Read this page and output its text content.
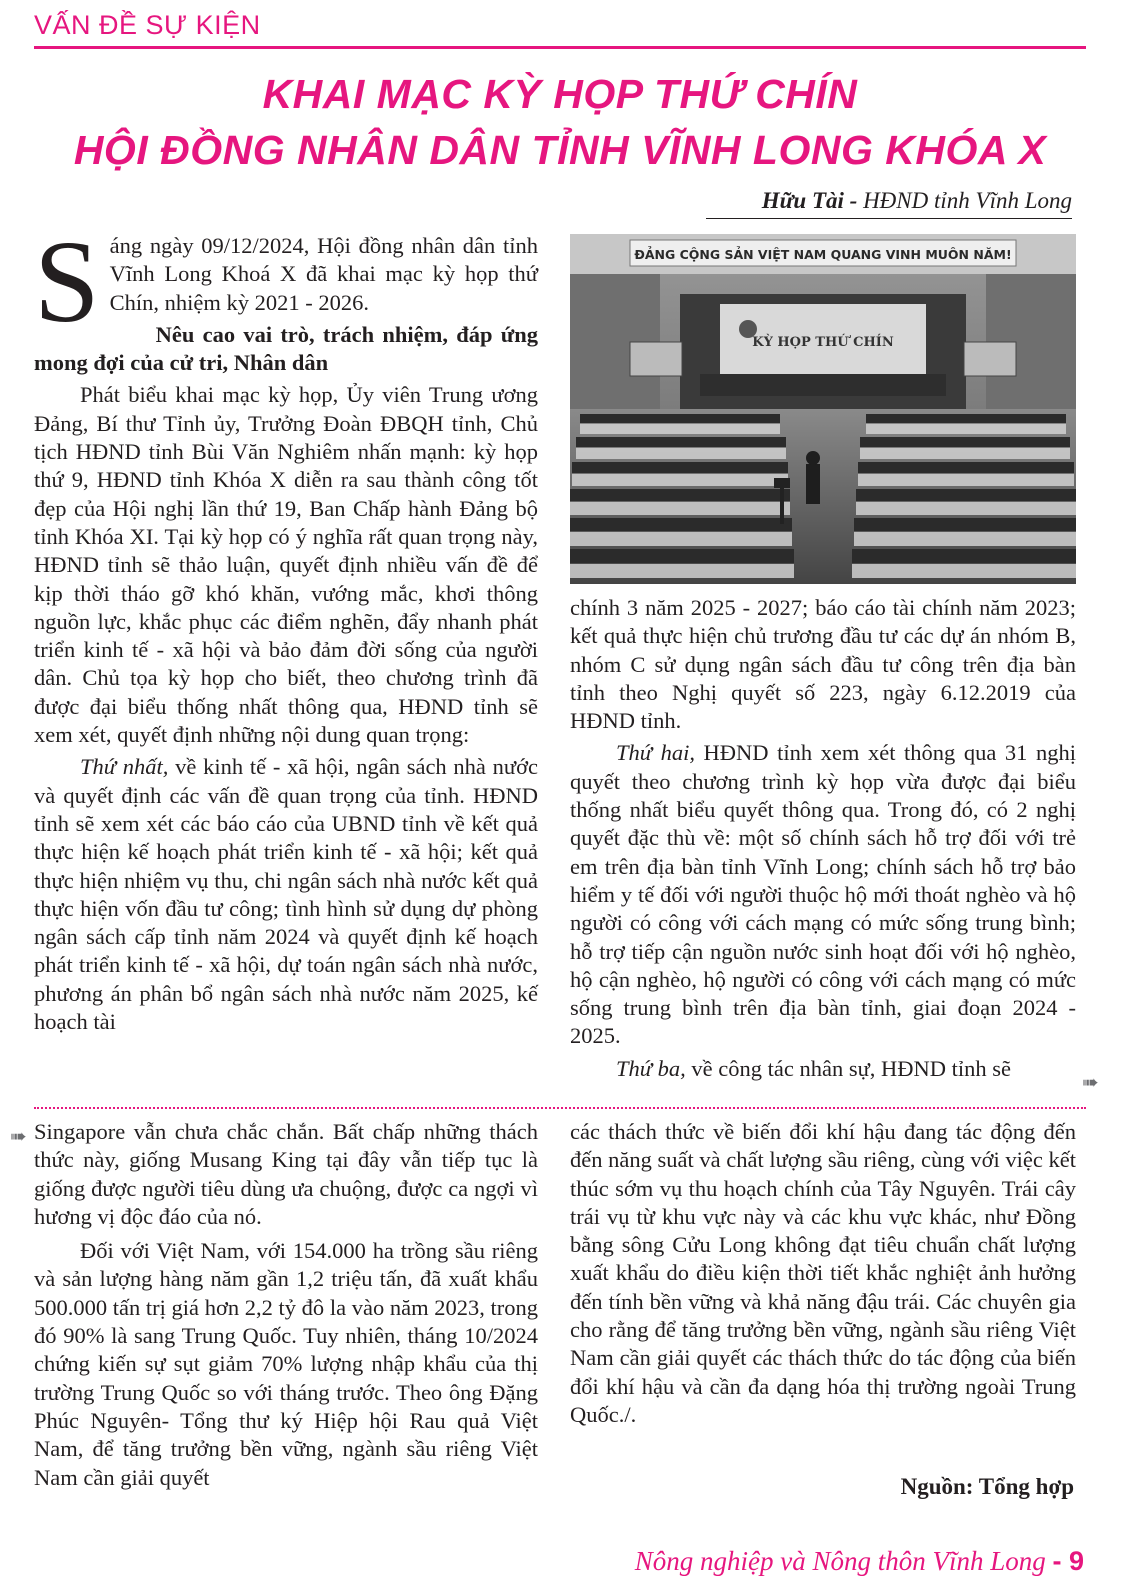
VẤN ĐỀ SỰ KIỆN
KHAI MẠC KỲ HỌP THỨ CHÍN
HỘI ĐỒNG NHÂN DÂN TỈNH VĨNH LONG KHÓA X
Hữu Tài - HĐND tỉnh Vĩnh Long

Sáng ngày 09/12/2024, Hội đồng nhân dân tỉnh Vĩnh Long Khoá X đã khai mạc kỳ họp thứ Chín, nhiệm kỳ 2021 - 2026.

Nêu cao vai trò, trách nhiệm, đáp ứng mong đợi của cử tri, Nhân dân

Phát biểu khai mạc kỳ họp, Ủy viên Trung ương Đảng, Bí thư Tỉnh ủy, Trưởng Đoàn ĐBQH tỉnh, Chủ tịch HĐND tỉnh Bùi Văn Nghiêm nhấn mạnh: kỳ họp thứ 9, HĐND tỉnh Khóa X diễn ra sau thành công tốt đẹp của Hội nghị lần thứ 19, Ban Chấp hành Đảng bộ tỉnh Khóa XI. Tại kỳ họp có ý nghĩa rất quan trọng này, HĐND tỉnh sẽ thảo luận, quyết định nhiều vấn đề để kịp thời tháo gỡ khó khăn, vướng mắc, khơi thông nguồn lực, khắc phục các điểm nghẽn, đẩy nhanh phát triển kinh tế - xã hội và bảo đảm đời sống của người dân. Chủ tọa kỳ họp cho biết, theo chương trình đã được đại biểu thống nhất thông qua, HĐND tỉnh sẽ xem xét, quyết định những nội dung quan trọng:

Thứ nhất, về kinh tế - xã hội, ngân sách nhà nước và quyết định các vấn đề quan trọng của tỉnh. HĐND tỉnh sẽ xem xét các báo cáo của UBND tỉnh về kết quả thực hiện kế hoạch phát triển kinh tế - xã hội; kết quả thực hiện nhiệm vụ thu, chi ngân sách nhà nước kết quả thực hiện vốn đầu tư công; tình hình sử dụng dự phòng ngân sách cấp tỉnh năm 2024 và quyết định kế hoạch phát triển kinh tế - xã hội, dự toán ngân sách nhà nước, phương án phân bổ ngân sách nhà nước năm 2025, kế hoạch tài

ĐẢNG CỘNG SẢN VIỆT NAM QUANG VINH MUÔN NĂM!
KỲ HỌP THỨ CHÍN

chính 3 năm 2025 - 2027; báo cáo tài chính năm 2023; kết quả thực hiện chủ trương đầu tư các dự án nhóm B, nhóm C sử dụng ngân sách đầu tư công trên địa bàn tỉnh theo Nghị quyết số 223, ngày 6.12.2019 của HĐND tỉnh.

Thứ hai, HĐND tỉnh xem xét thông qua 31 nghị quyết theo chương trình kỳ họp vừa được đại biểu thống nhất biểu quyết thông qua. Trong đó, có 2 nghị quyết đặc thù về: một số chính sách hỗ trợ đối với trẻ em trên địa bàn tỉnh Vĩnh Long; chính sách hỗ trợ bảo hiểm y tế đối với người thuộc hộ mới thoát nghèo và hộ người có công với cách mạng có mức sống trung bình; hỗ trợ tiếp cận nguồn nước sinh hoạt đối với hộ nghèo, hộ cận nghèo, hộ người có công với cách mạng có mức sống trung bình trên địa bàn tỉnh, giai đoạn 2024 - 2025.

Thứ ba, về công tác nhân sự, HĐND tỉnh sẽ

➠
➠ Singapore vẫn chưa chắc chắn. Bất chấp những thách thức này, giống Musang King tại đây vẫn tiếp tục là giống được người tiêu dùng ưa chuộng, được ca ngợi vì hương vị độc đáo của nó.

Đối với Việt Nam, với 154.000 ha trồng sầu riêng và sản lượng hàng năm gần 1,2 triệu tấn, đã xuất khẩu 500.000 tấn trị giá hơn 2,2 tỷ đô la vào năm 2023, trong đó 90% là sang Trung Quốc. Tuy nhiên, tháng 10/2024 chứng kiến sự sụt giảm 70% lượng nhập khẩu của thị trường Trung Quốc so với tháng trước. Theo ông Đặng Phúc Nguyên- Tổng thư ký Hiệp hội Rau quả Việt Nam, để tăng trưởng bền vững, ngành sầu riêng Việt Nam cần giải quyết

các thách thức về biến đổi khí hậu đang tác động đến đến năng suất và chất lượng sầu riêng, cùng với việc kết thúc sớm vụ thu hoạch chính của Tây Nguyên. Trái cây trái vụ từ khu vực này và các khu vực khác, như Đồng bằng sông Cửu Long không đạt tiêu chuẩn chất lượng xuất khẩu do điều kiện thời tiết khắc nghiệt ảnh hưởng đến tính bền vững và khả năng đậu trái. Các chuyên gia cho rằng để tăng trưởng bền vững, ngành sầu riêng Việt Nam cần giải quyết các thách thức do tác động của biến đổi khí hậu và cần đa dạng hóa thị trường ngoài Trung Quốc./.

Nguồn: Tổng hợp
Nông nghiệp và Nông thôn Vĩnh Long - 9
